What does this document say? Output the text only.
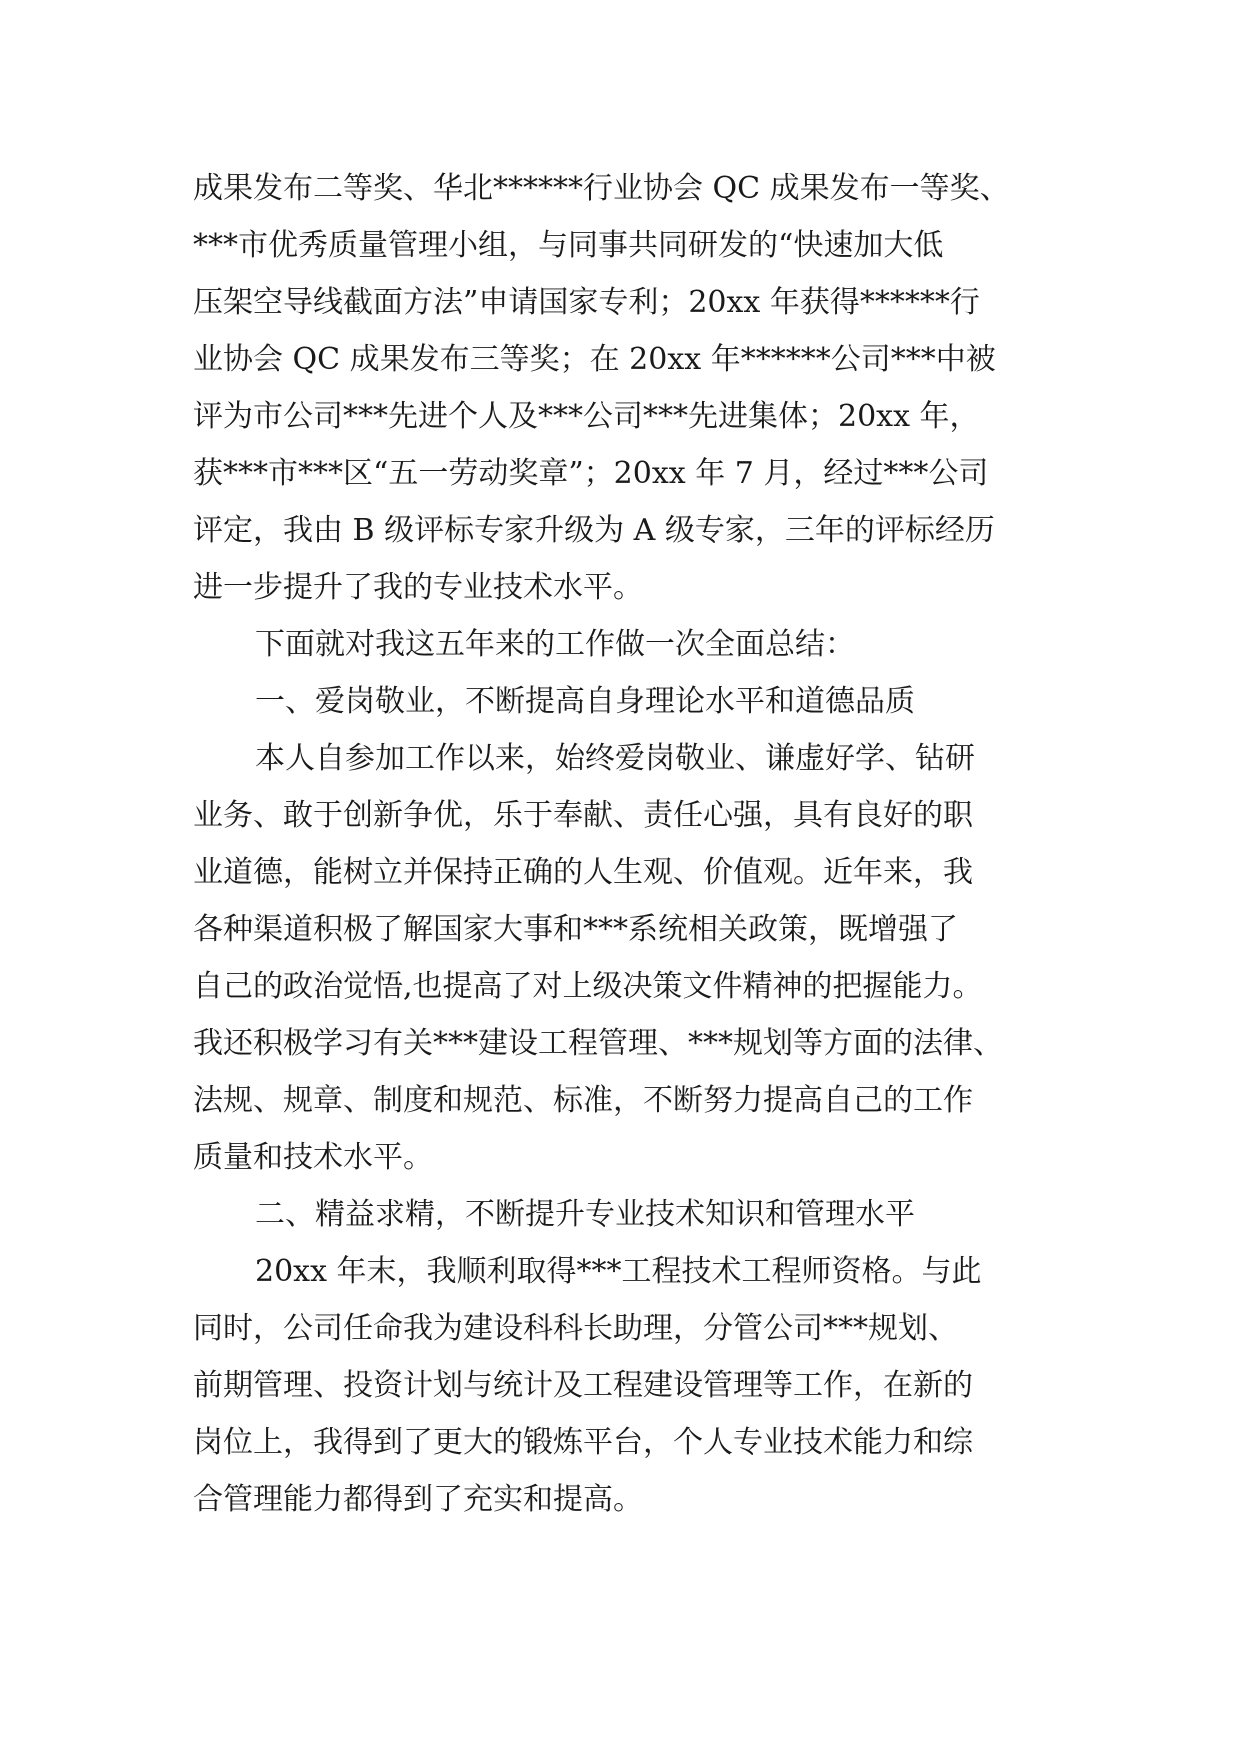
成果发布二等奖、华北******行业协会 QC 成果发布一等奖、
***市优秀质量管理小组，与同事共同研发的“快速加大低
压架空导线截面方法”申请国家专利；20xx 年获得******行
业协会 QC 成果发布三等奖；在 20xx 年******公司***中被
评为市公司***先进个人及***公司***先进集体；20xx 年，
获***市***区“五一劳动奖章”；20xx 年 7 月，经过***公司
评定，我由 B 级评标专家升级为 A 级专家，三年的评标经历
进一步提升了我的专业技术水平。
下面就对我这五年来的工作做一次全面总结：
一、爱岗敬业，不断提高自身理论水平和道德品质
本人自参加工作以来，始终爱岗敬业、谦虚好学、钻研
业务、敢于创新争优，乐于奉献、责任心强，具有良好的职
业道德，能树立并保持正确的人生观、价值观。近年来，我
各种渠道积极了解国家大事和***系统相关政策，既增强了
自己的政治觉悟,也提高了对上级决策文件精神的把握能力。
我还积极学习有关***建设工程管理、***规划等方面的法律、
法规、规章、制度和规范、标准，不断努力提高自己的工作
质量和技术水平。
二、精益求精，不断提升专业技术知识和管理水平
20xx 年末，我顺利取得***工程技术工程师资格。与此
同时，公司任命我为建设科科长助理，分管公司***规划、
前期管理、投资计划与统计及工程建设管理等工作，在新的
岗位上，我得到了更大的锻炼平台，个人专业技术能力和综
合管理能力都得到了充实和提高。
